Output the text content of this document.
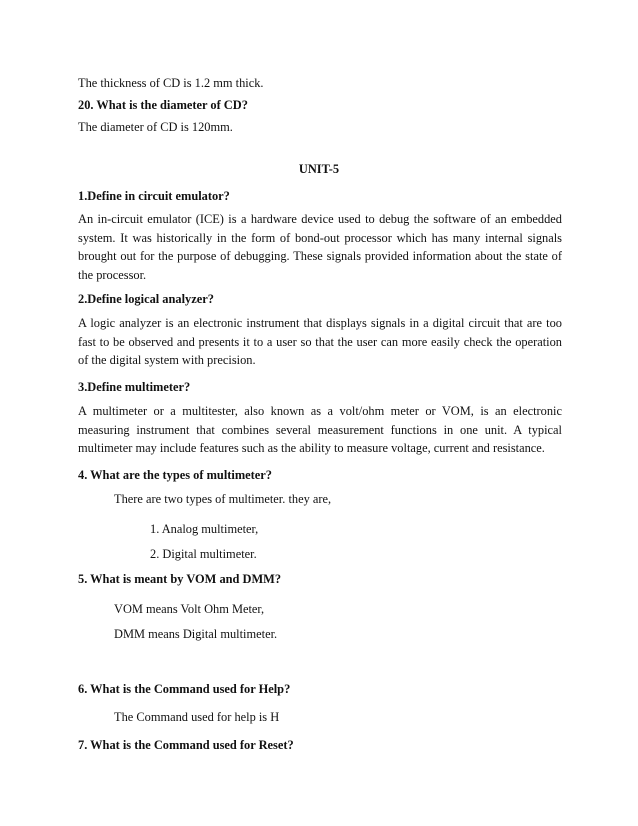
The thickness of CD is 1.2 mm thick.
20. What is the diameter of CD?
The diameter of CD is 120mm.
UNIT-5
1.Define in circuit emulator?
An in-circuit emulator (ICE) is a hardware device used to debug the software of an embedded system. It was historically in the form of bond-out processor which has many internal signals brought out for the purpose of debugging. These signals provided information about the state of the processor.
2.Define logical analyzer?
A logic analyzer is an electronic instrument that displays signals in a digital circuit that are too fast to be observed and presents it to a user so that the user can more easily check the operation of the digital system with precision.
3.Define multimeter?
A multimeter or a multitester, also known as a volt/ohm meter or VOM, is an electronic measuring instrument that combines several measurement functions in one unit. A typical multimeter may include features such as the ability to measure voltage, current and resistance.
4. What are the types of multimeter?
There are two types of multimeter. they are,
1. Analog multimeter,
2. Digital multimeter.
5. What is meant by VOM and DMM?
VOM means Volt Ohm Meter,
DMM means Digital multimeter.
6. What is the Command used for Help?
The Command used for help is H
7. What is the Command used for Reset?
